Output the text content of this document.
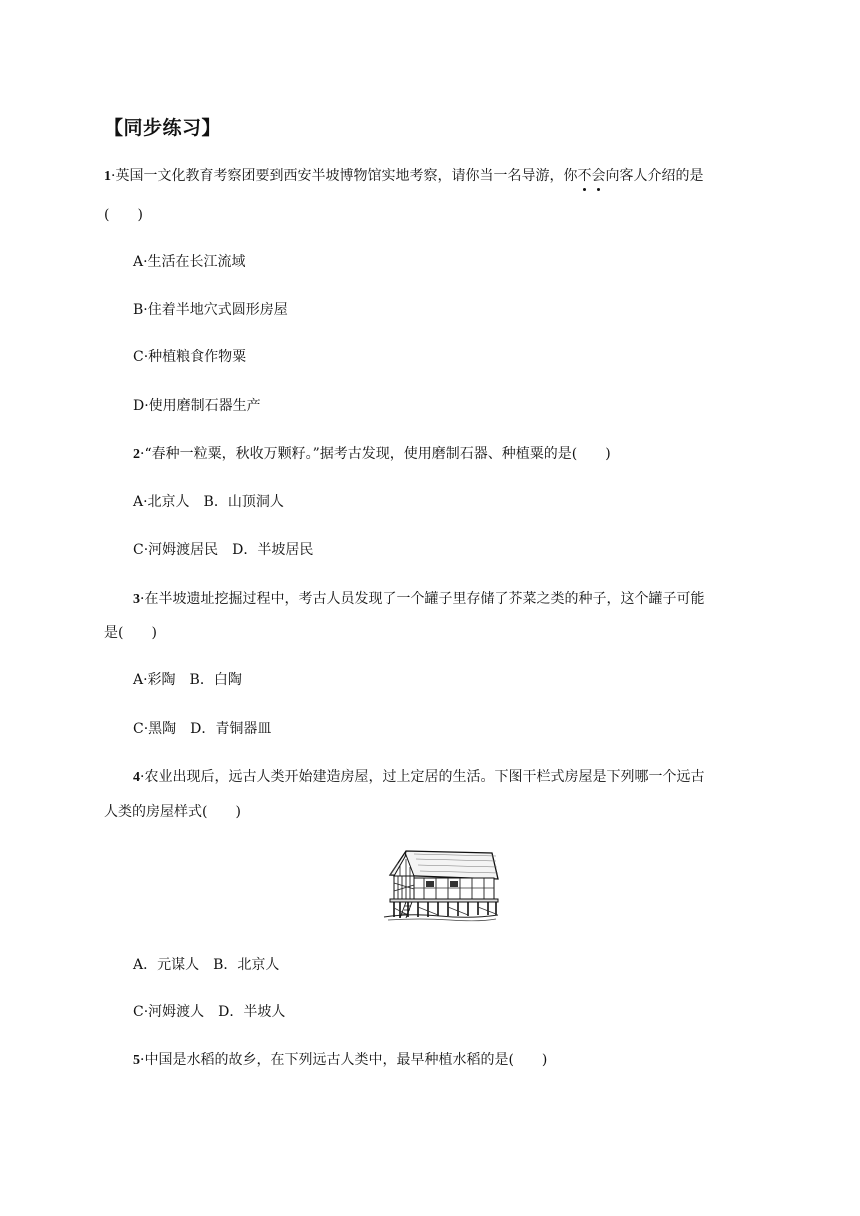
【同步练习】
1·英国一文化教育考察团要到西安半坡博物馆实地考察，请你当一名导游，你不会向客人介绍的是
(　　)
A·生活在长江流域
B·住着半地穴式圆形房屋
C·种植粮食作物粟
D·使用磨制石器生产
2·“春种一粒粟，秋收万颗籽。”据考古发现，使用磨制石器、种植粟的是(　　)
A·北京人　B．山顶洞人
C·河姆渡居民　D．半坡居民
3·在半坡遗址挖掘过程中，考古人员发现了一个罐子里存储了芥菜之类的种子，这个罐子可能
是(　　)
A·彩陶　B．白陶
C·黑陶　D．青铜器皿
4·农业出现后，远古人类开始建造房屋，过上定居的生活。下图干栏式房屋是下列哪一个远古
人类的房屋样式(　　)
A．元谋人　B．北京人
C·河姆渡人　D．半坡人
5·中国是水稻的故乡，在下列远古人类中，最早种植水稻的是(　　)
